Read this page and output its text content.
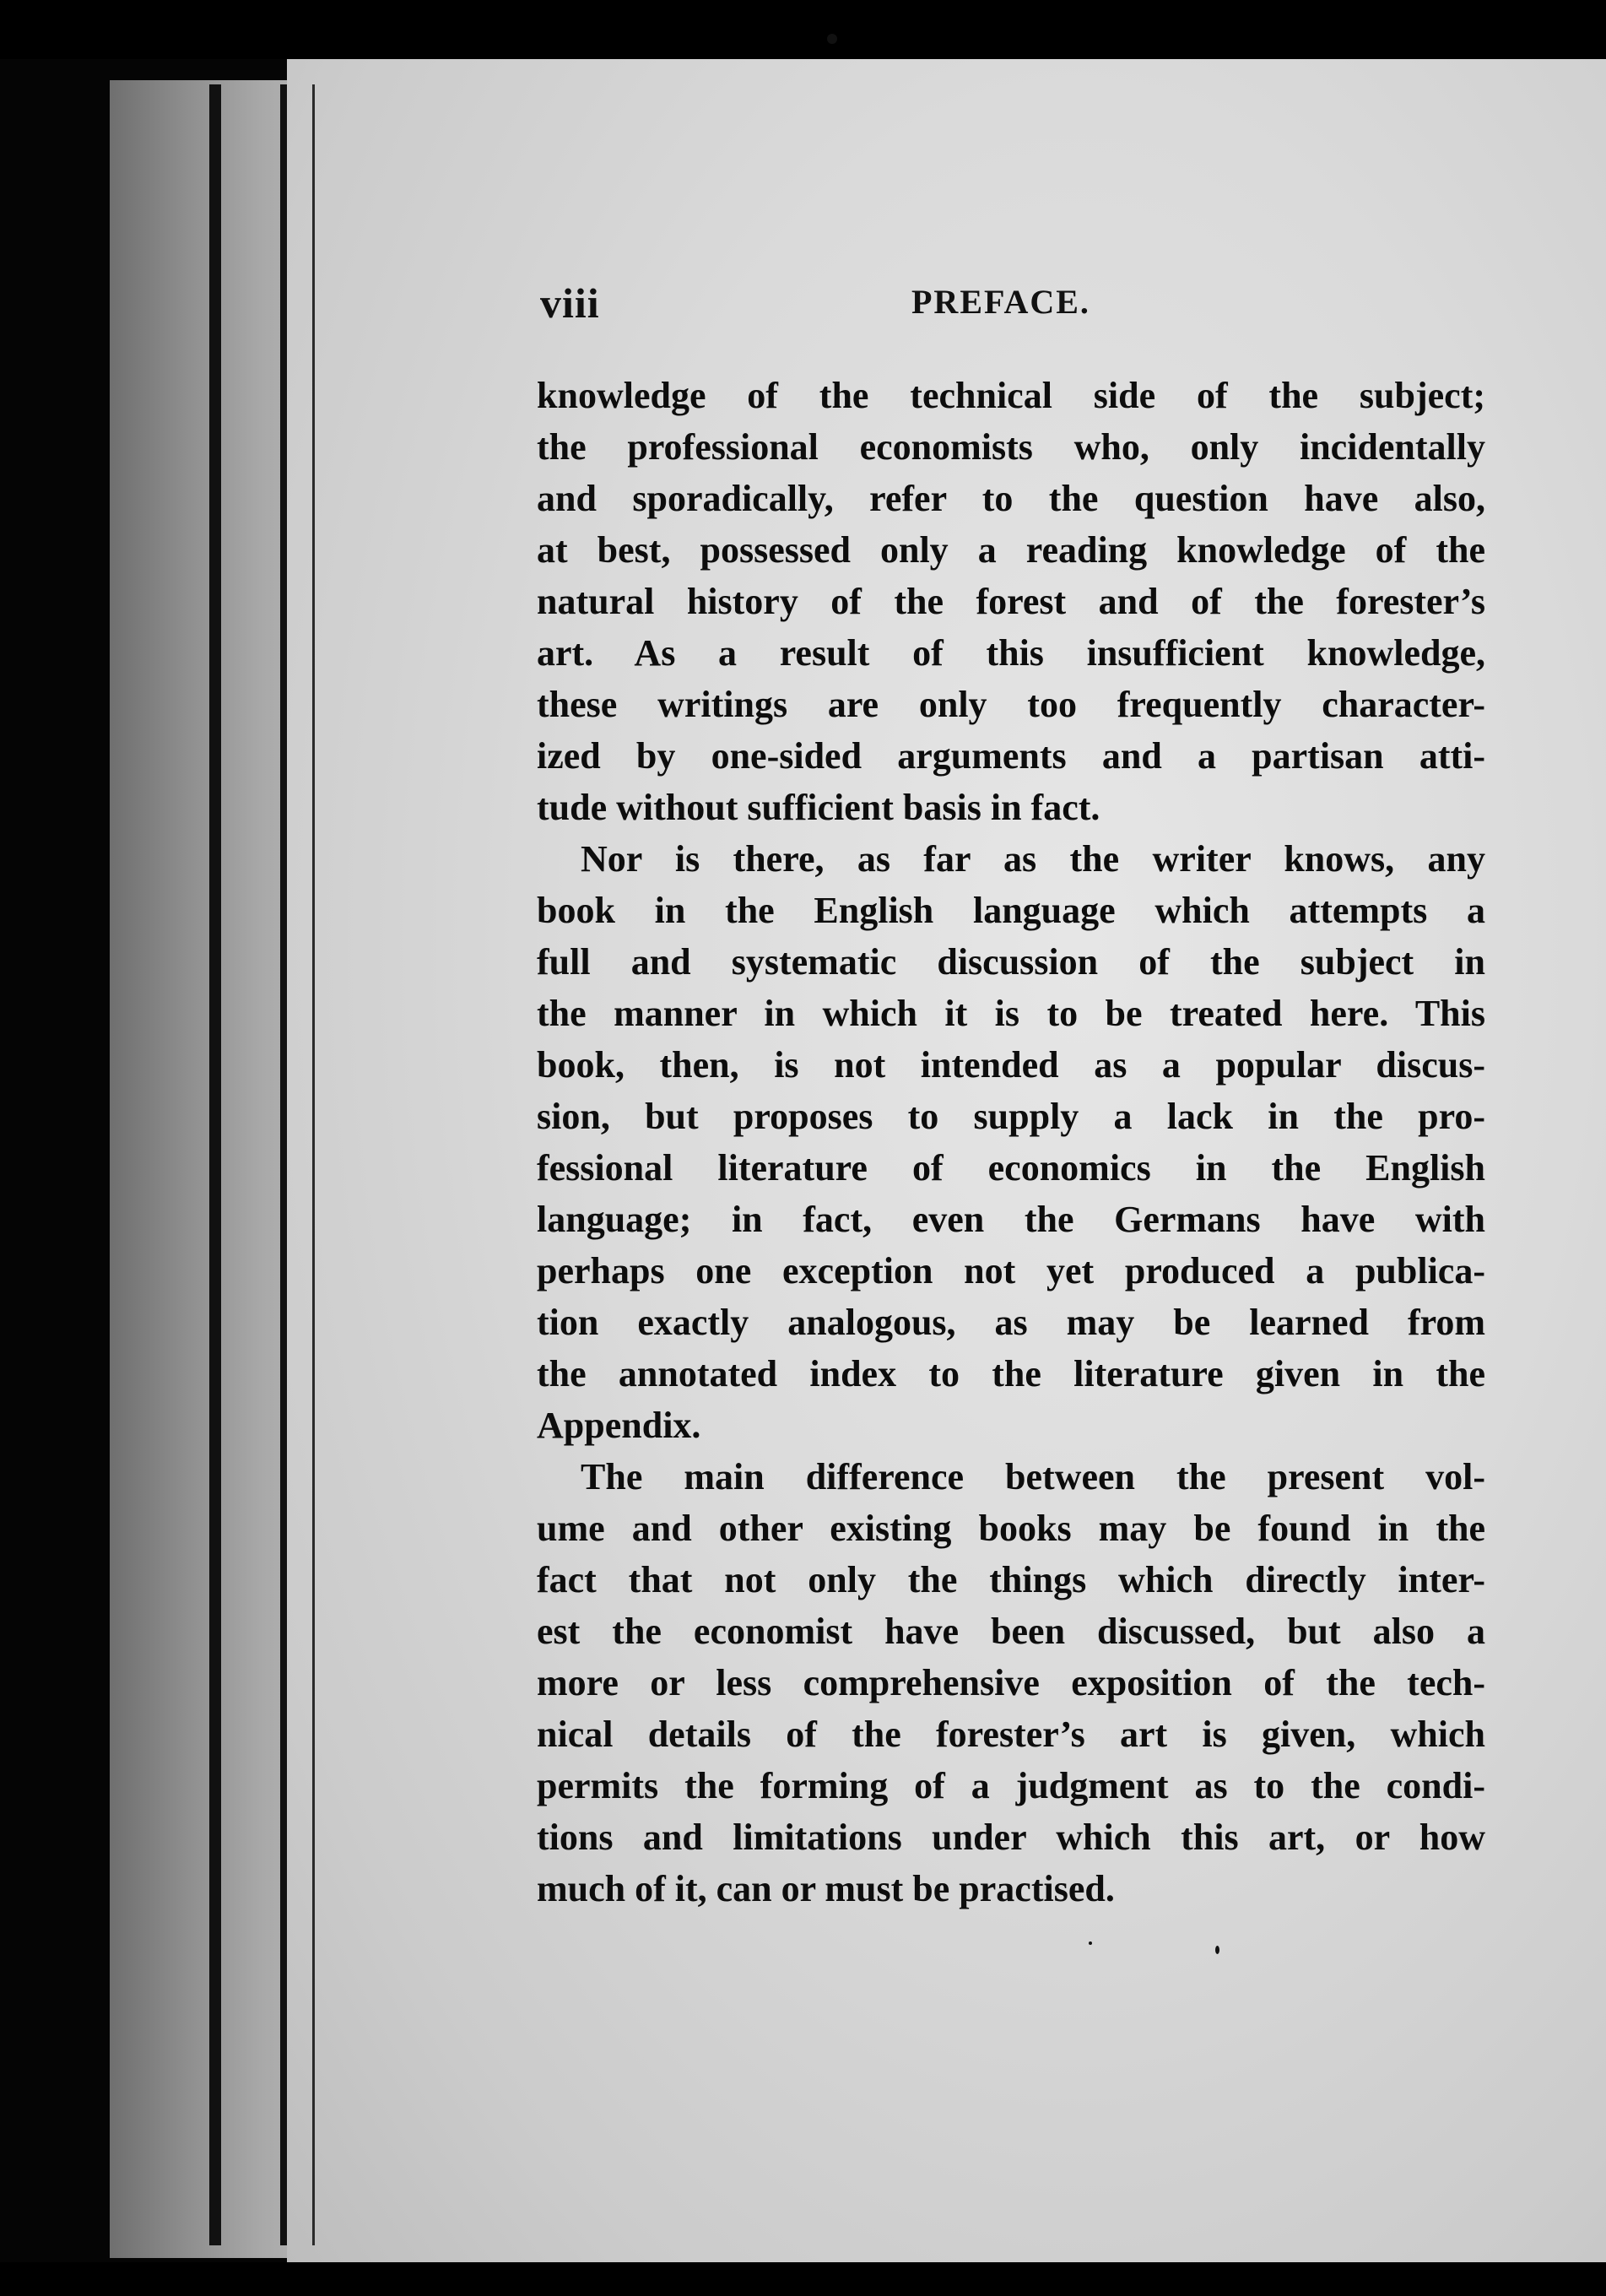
viii	PREFACE.
knowledge of the technical side of the subject;
the professional economists who, only incidentally
and sporadically, refer to the question have also,
at best, possessed only a reading knowledge of the
natural history of the forest and of the forester’s
art. As a result of this insufficient knowledge,
these writings are only too frequently character-
ized by one-sided arguments and a partisan atti-
tude without sufficient basis in fact.
Nor is there, as far as the writer knows, any
book in the English language which attempts a
full and systematic discussion of the subject in
the manner in which it is to be treated here. This
book, then, is not intended as a popular discus-
sion, but proposes to supply a lack in the pro-
fessional literature of economics in the English
language; in fact, even the Germans have with
perhaps one exception not yet produced a publica-
tion exactly analogous, as may be learned from
the annotated index to the literature given in the
Appendix.
The main difference between the present vol-
ume and other existing books may be found in the
fact that not only the things which directly inter-
est the economist have been discussed, but also a
more or less comprehensive exposition of the tech-
nical details of the forester’s art is given, which
permits the forming of a judgment as to the condi-
tions and limitations under which this art, or how
much of it, can or must be practised.
